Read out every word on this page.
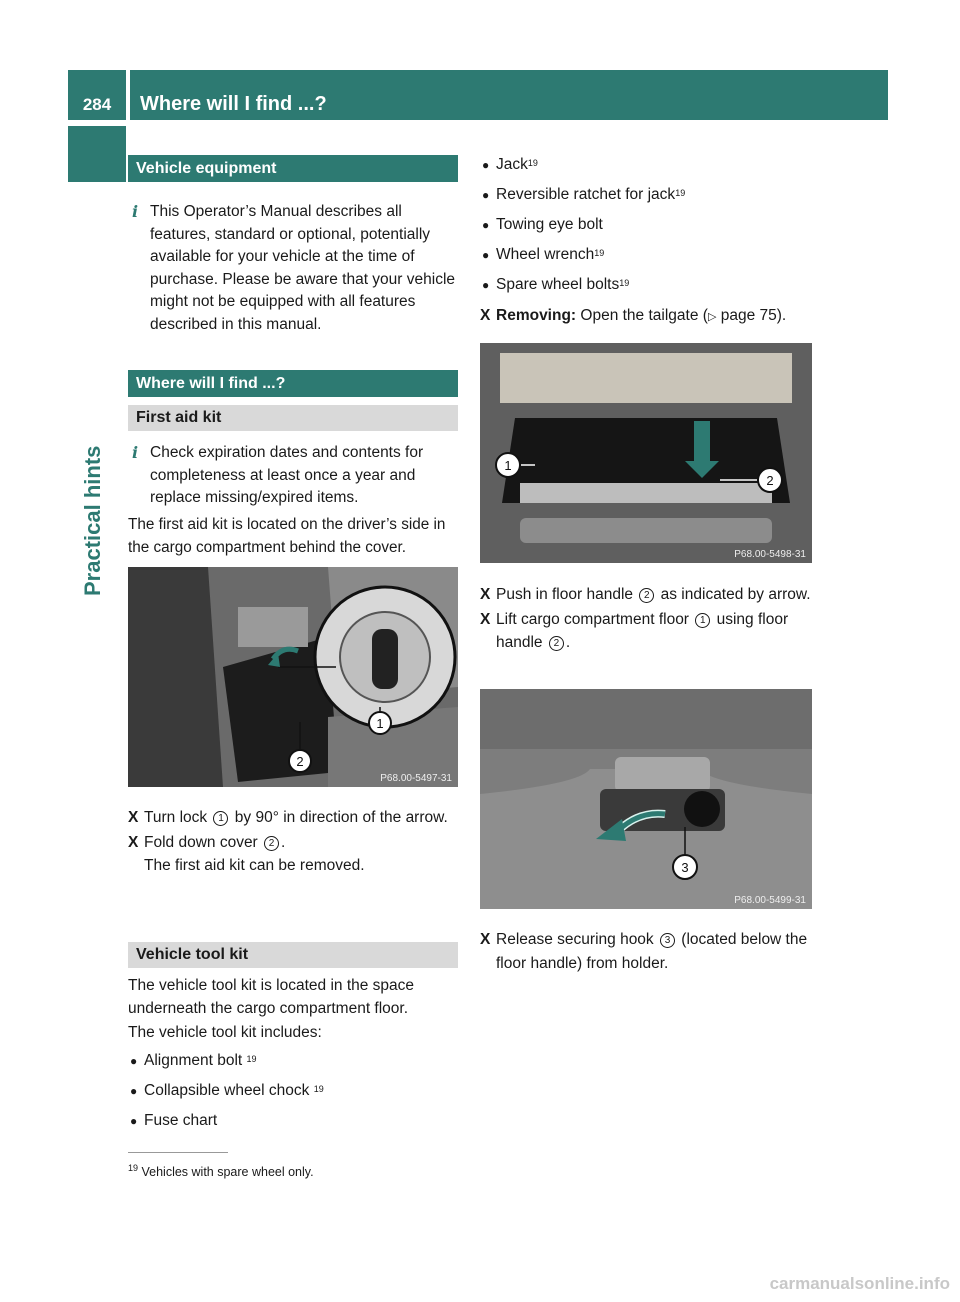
284	Where will I find ...?
Practical hints
Vehicle equipment
i This Operator’s Manual describes all features, standard or optional, potentially available for your vehicle at the time of purchase. Please be aware that your vehicle might not be equipped with all features described in this manual.
Where will I find ...?
First aid kit
i Check expiration dates and contents for completeness at least once a year and replace missing/expired items.
The first aid kit is located on the driver’s side in the cargo compartment behind the cover.
1
2
P68.00-5497-31
X Turn lock 1 by 90° in direction of the arrow.
X Fold down cover 2 .
The first aid kit can be removed.
Vehicle tool kit
The vehicle tool kit is located in the space underneath the cargo compartment floor.
The vehicle tool kit includes:
● Alignment bolt $^{19}$
● Collapsible wheel chock $^{19}$
● Fuse chart
● Jack$^{19}$
● Reversible ratchet for jack$^{19}$
● Towing eye bolt
● Wheel wrench$^{19}$
● Spare wheel bolts$^{19}$
X Removing: Open the tailgate (▷ page 75).
1
2
P68.00-5498-31
X Push in floor handle 2 as indicated by arrow.
X Lift cargo compartment floor 1 using floor handle 2 .
3
P68.00-5499-31
X Release securing hook 3 (located below the floor handle) from holder.
$^{19}$ Vehicles with spare wheel only.
carmanualsonline.info
